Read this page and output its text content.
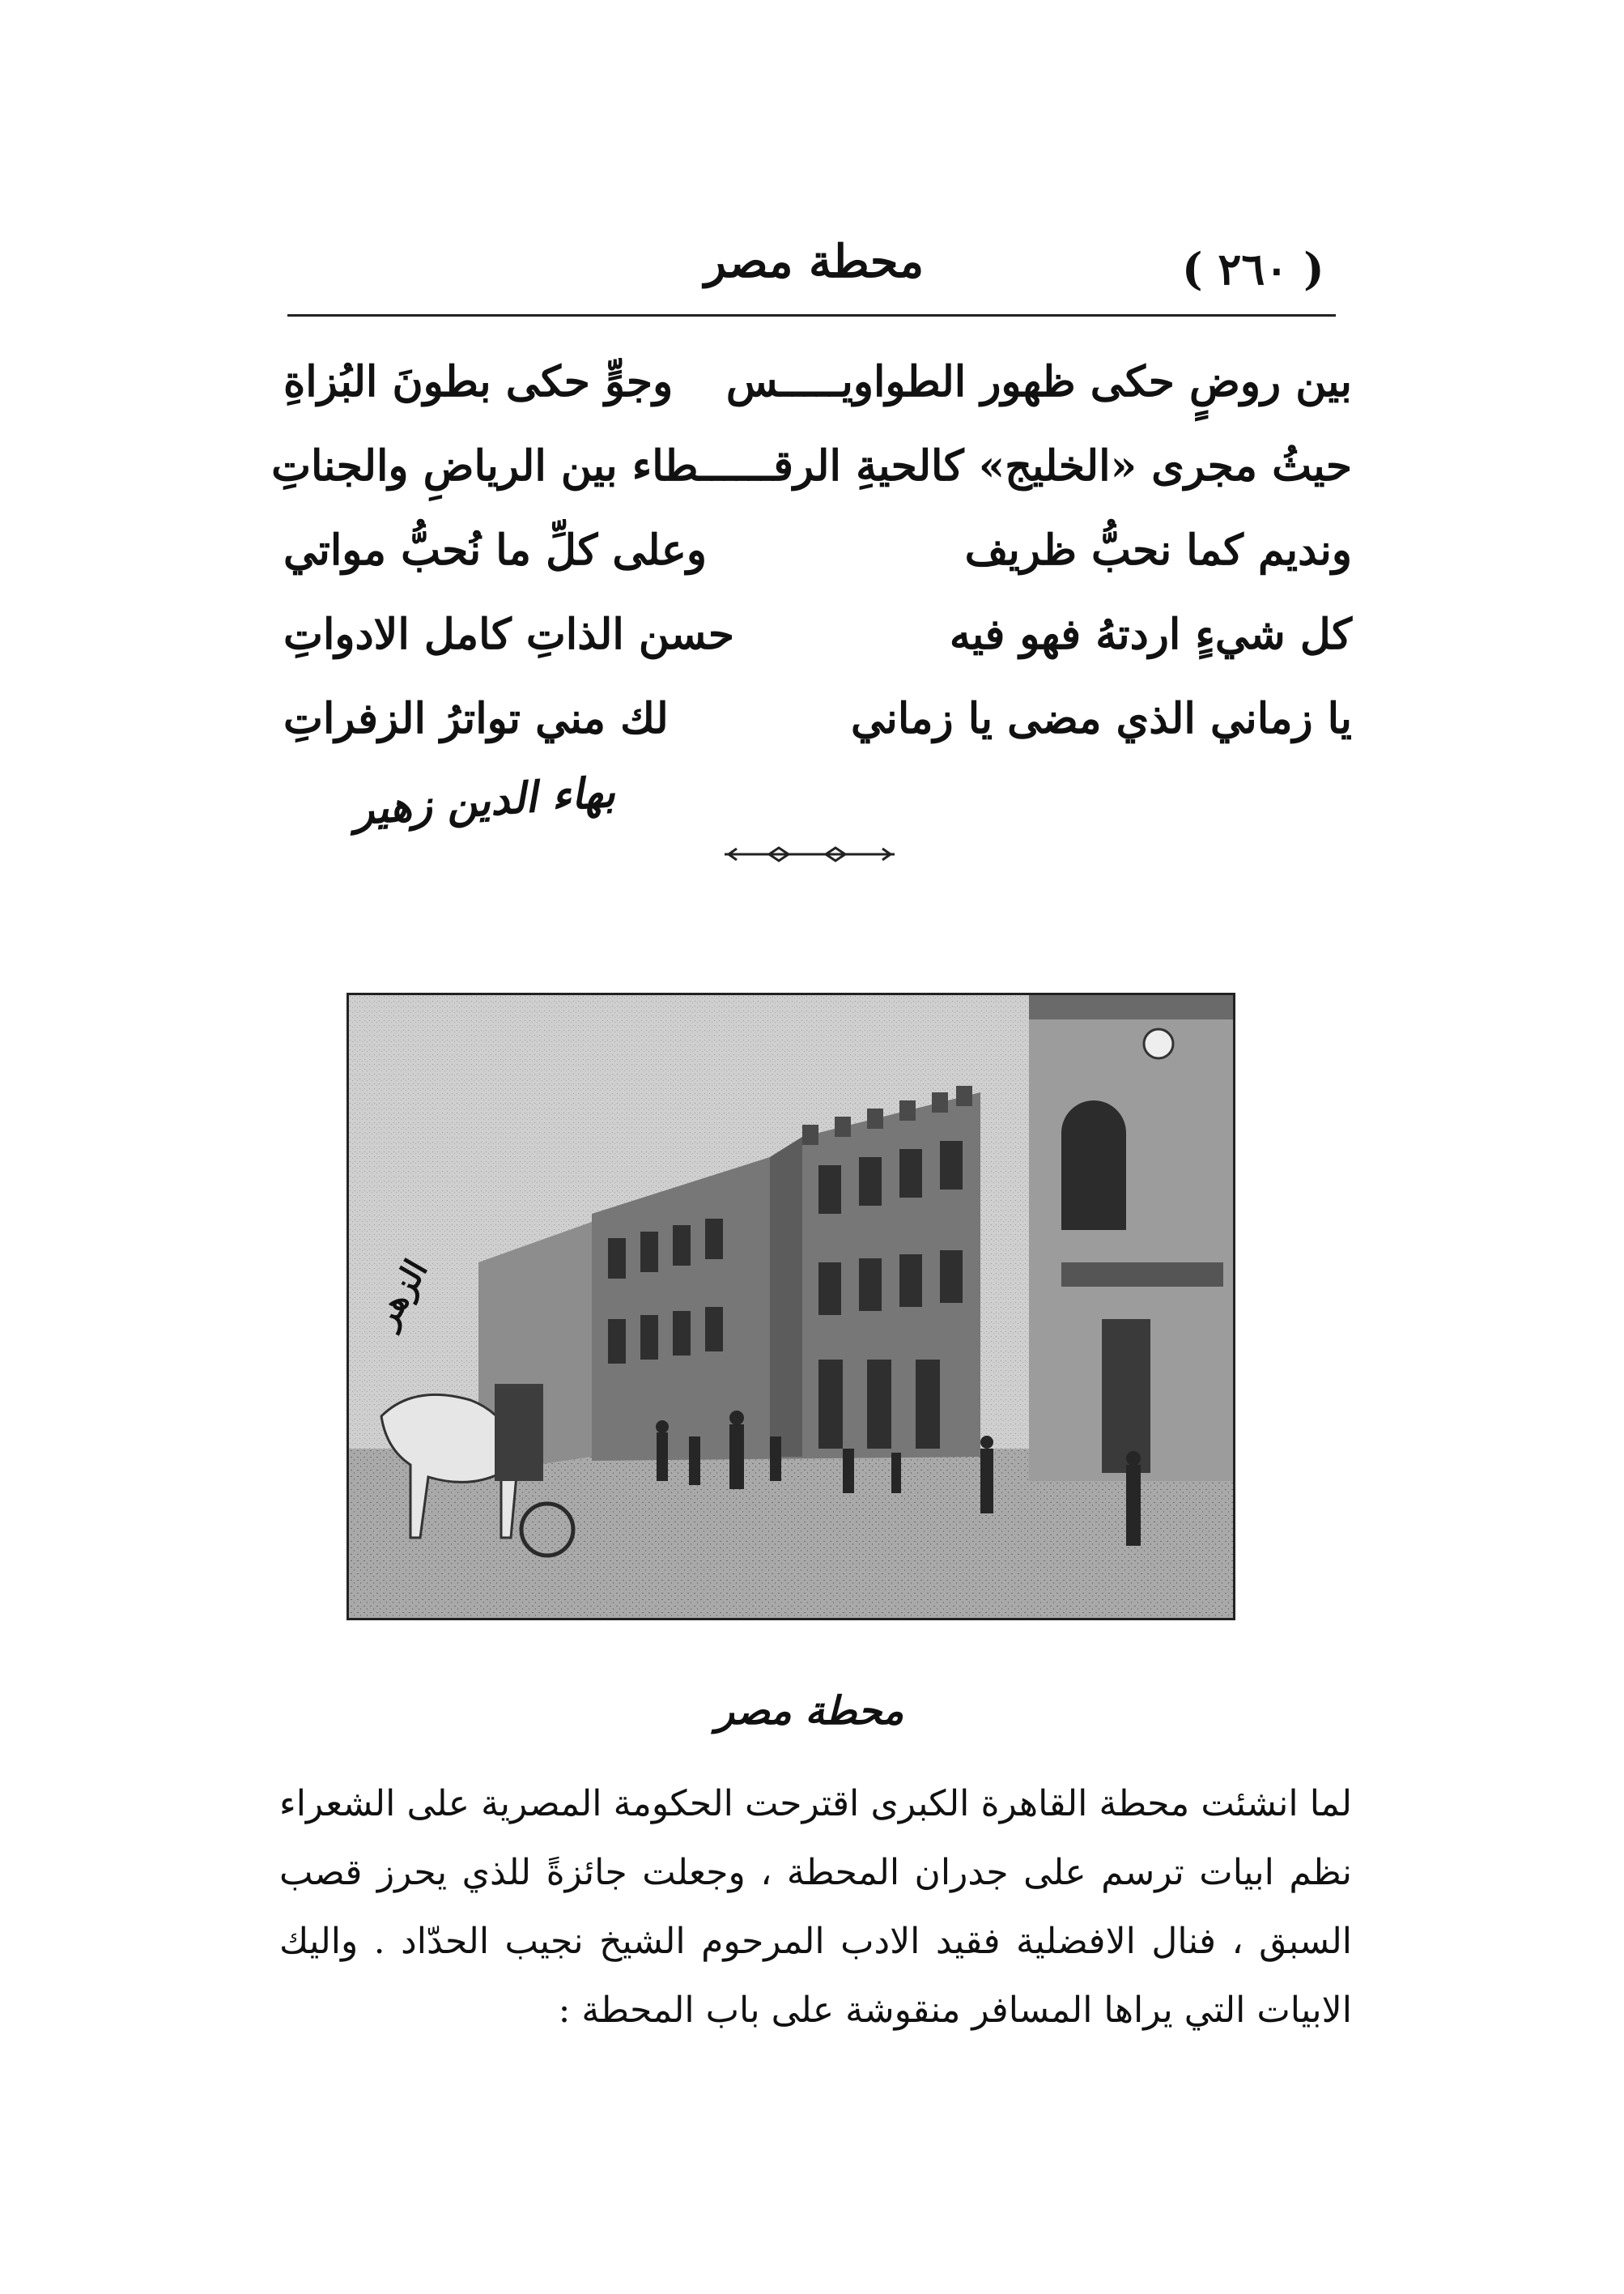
( ٢٦٠ )
محطة مصر
بين روضٍ حكى ظهور الطواويـــــس
وجوٍّ حكى بطونَ البُزاةِ
حيثُ مجرى «الخليج» كالحيةِ الرقـــ
ـــطاء بين الرياضِ والجناتِ
ونديم كما نحبُّ ظريف
وعلى كلِّ ما نُحبُّ مواتي
كل شيءٍ اردتهُ فهو فيه
حسن الذاتِ كامل الادواتِ
يا زماني الذي مضى يا زماني
لك مني تواترُ الزفراتِ
بهاء الدين زهير
الزهر
محطة مصر
لما انشئت محطة القاهرة الكبرى اقترحت الحكومة المصرية على الشعراء نظم ابيات ترسم على جدران المحطة ، وجعلت جائزةً للذي يحرز قصب السبق ، فنال الافضلية فقيد الادب المرحوم الشيخ نجيب الحدّاد . واليك الابيات التي يراها المسافر منقوشة على باب المحطة :
